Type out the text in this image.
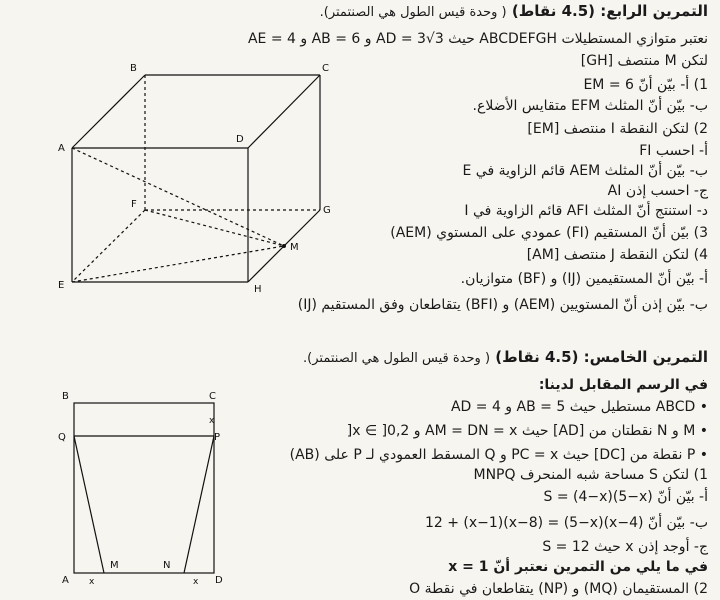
التمرين الرابع: (4.5 نقاط) ( وحدة قيس الطول هي الصنتمتر).
نعتبر متوازي المستطيلات ABCDEFGH حيث AD = 3√3 و AB = 6 و AE = 4
لتكن M منتصف [GH]
1) أ- بيّن أنّ EM = 6
ب- بيّن أنّ المثلث EFM متقايس الأضلاع.
2) لتكن النقطة I منتصف [EM]
أ- احسب FI
ب- بيّن أنّ المثلث AEM قائم الزاوية في E
ج- احسب إذن AI
د- استنتج أنّ المثلث AFI قائم الزاوية في I
3) بيّن أنّ المستقيم (FI) عمودي على المستوي (AEM)
4) لتكن النقطة J منتصف [AM]
أ- بيّن أنّ المستقيمين (IJ) و (BF) متوازيان.
ب- بيّن إذن أنّ المستويين (AEM) و (BFI) يتقاطعان وفق المستقيم (IJ)
التمرين الخامس: (4.5 نقاط) ( وحدة قيس الطول هي الصنتمتر).
في الرسم المقابل لدينا:
• ABCD مستطيل حيث AB = 5 و AD = 4
• M و N نقطتان من [AD] حيث AM = DN = x و x ∈ ]0,2[
• P نقطة من [DC] حيث PC = x و Q المسقط العمودي لـ P على (AB)
1) لتكن S مساحة شبه المنحرف MNPQ
أ- بيّن أنّ S = (4−x)(5−x)
ب- بيّن أنّ (4−x)(5−x) = 12 + (x−1)(x−8)
ج- أوجد إذن x حيث S = 12
في ما يلي من التمرين نعتبر أنّ x = 1
2) المستقيمان (MQ) و (NP) يتقاطعان في نقطة O
A
B	C
D
E
F
G
H
M
B	C
Q	P
A
M	N
D
x	x
x
